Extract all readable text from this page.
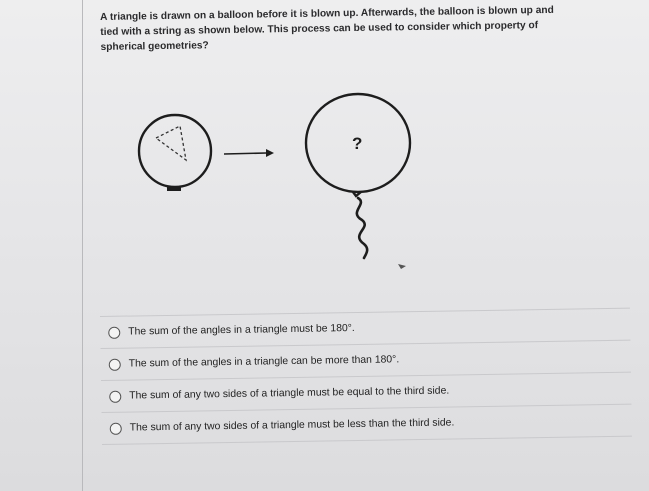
A triangle is drawn on a balloon before it is blown up. Afterwards, the balloon is blown up and tied with a string as shown below. This process can be used to consider which property of spherical geometries?

?
The sum of the angles in a triangle must be 180°.
The sum of the angles in a triangle can be more than 180°.
The sum of any two sides of a triangle must be equal to the third side.
The sum of any two sides of a triangle must be less than the third side.
